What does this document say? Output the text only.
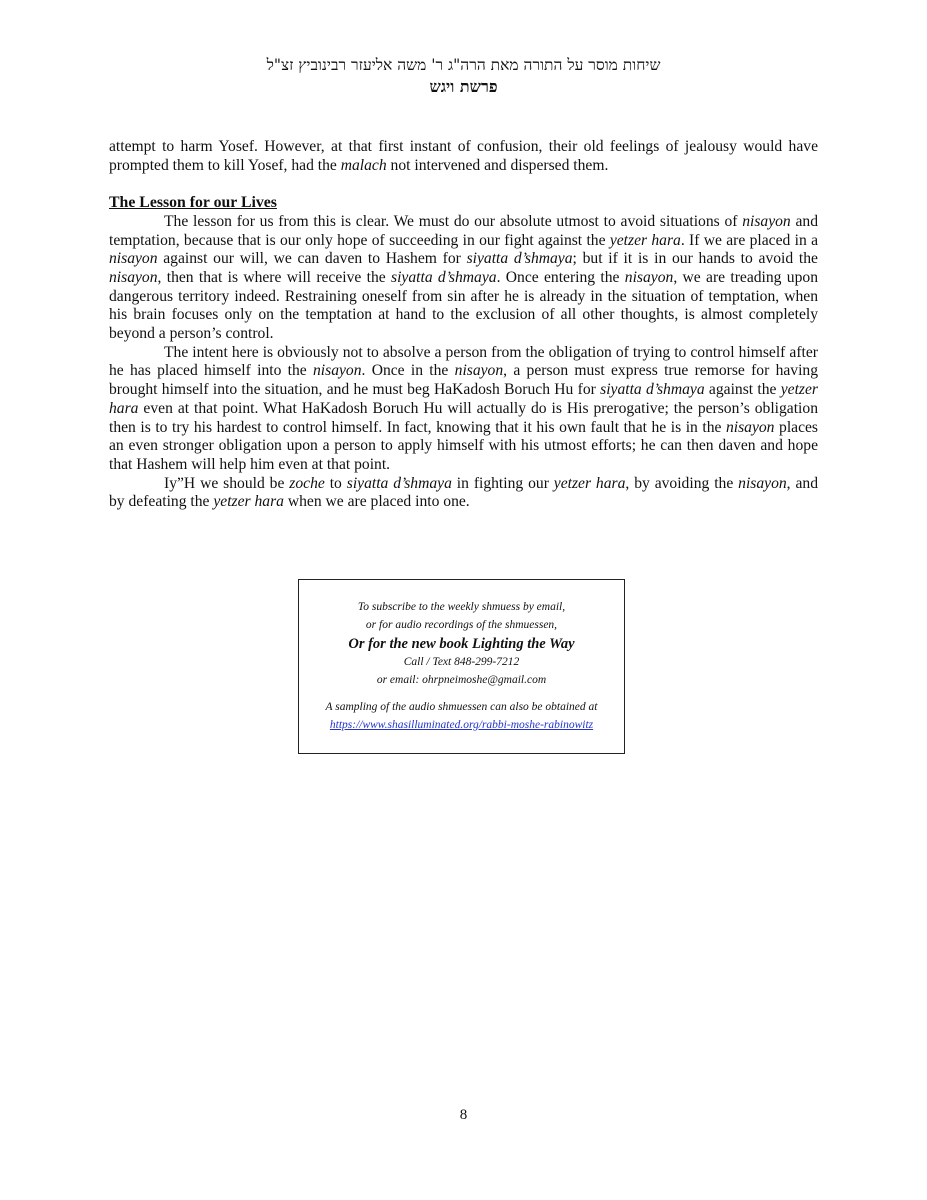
שיחות מוסר על התורה מאת הרה"ג ר' משה אליעזר רבינוביץ זצ"ל
פרשת ויגש

attempt to harm Yosef. However, at that first instant of confusion, their old feelings of jealousy would have prompted them to kill Yosef, had the malach not intervened and dispersed them.

The Lesson for our Lives

The lesson for us from this is clear. We must do our absolute utmost to avoid situations of nisayon and temptation, because that is our only hope of succeeding in our fight against the yetzer hara. If we are placed in a nisayon against our will, we can daven to Hashem for siyatta d’shmaya; but if it is in our hands to avoid the nisayon, then that is where will receive the siyatta d’shmaya. Once entering the nisayon, we are treading upon dangerous territory indeed. Restraining oneself from sin after he is already in the situation of temptation, when his brain focuses only on the temptation at hand to the exclusion of all other thoughts, is almost completely beyond a person’s control.

The intent here is obviously not to absolve a person from the obligation of trying to control himself after he has placed himself into the nisayon. Once in the nisayon, a person must express true remorse for having brought himself into the situation, and he must beg HaKadosh Boruch Hu for siyatta d’shmaya against the yetzer hara even at that point. What HaKadosh Boruch Hu will actually do is His prerogative; the person’s obligation then is to try his hardest to control himself. In fact, knowing that it his own fault that he is in the nisayon places an even stronger obligation upon a person to apply himself with his utmost efforts; he can then daven and hope that Hashem will help him even at that point.

Iy”H we should be zoche to siyatta d’shmaya in fighting our yetzer hara, by avoiding the nisayon, and by defeating the yetzer hara when we are placed into one.

To subscribe to the weekly shmuess by email,
or for audio recordings of the shmuessen,
Or for the new book Lighting the Way
Call / Text 848-299-7212
or email: ohrpneimoshe@gmail.com
A sampling of the audio shmuessen can also be obtained at
https://www.shasilluminated.org/rabbi-moshe-rabinowitz
8
